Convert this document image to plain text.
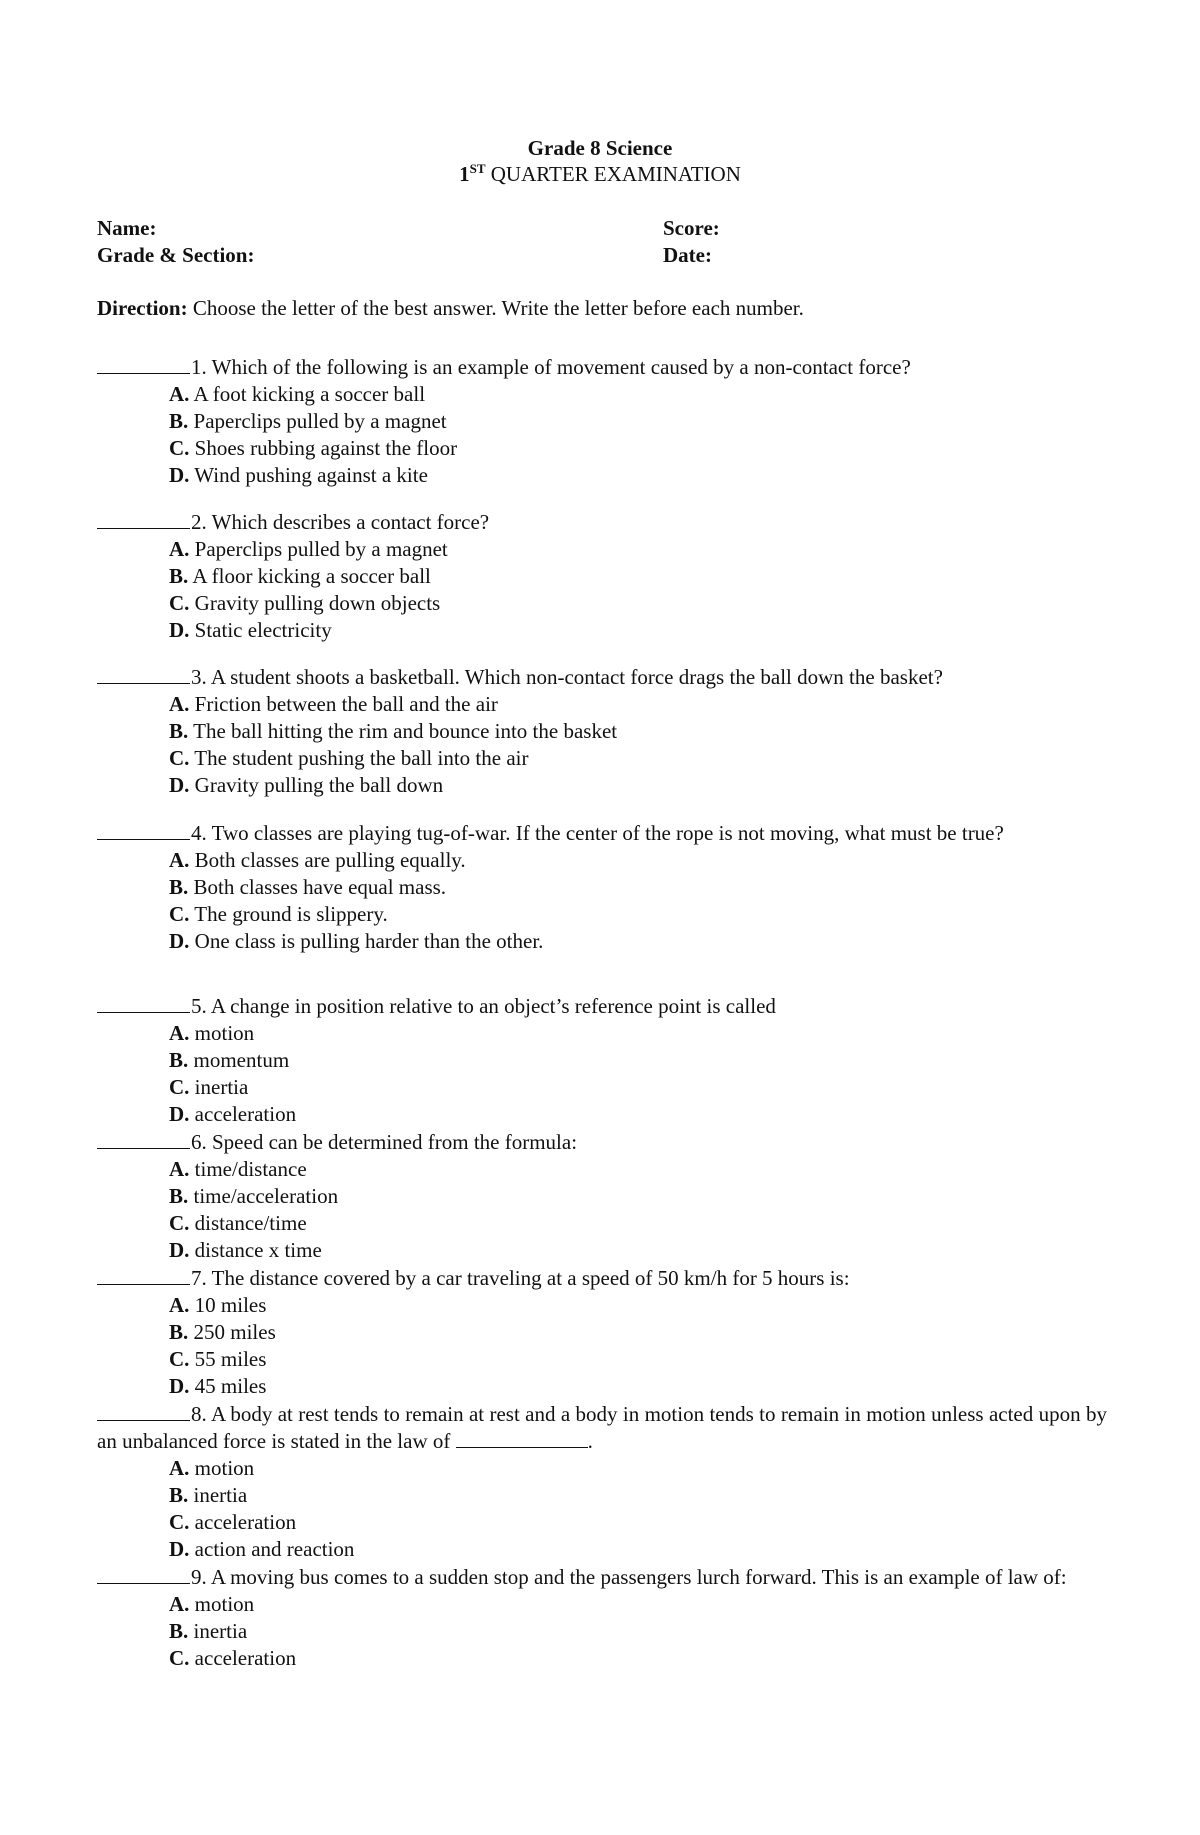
Grade 8 Science
1ST QUARTER EXAMINATION
Name:	Score:
Grade & Section:	Date:
Direction: Choose the letter of the best answer. Write the letter before each number.
1. Which of the following is an example of movement caused by a non-contact force?
A. A foot kicking a soccer ball
B. Paperclips pulled by a magnet
C. Shoes rubbing against the floor
D. Wind pushing against a kite
2. Which describes a contact force?
A. Paperclips pulled by a magnet
B. A floor kicking a soccer ball
C. Gravity pulling down objects
D. Static electricity
3. A student shoots a basketball. Which non-contact force drags the ball down the basket?
A. Friction between the ball and the air
B. The ball hitting the rim and bounce into the basket
C. The student pushing the ball into the air
D. Gravity pulling the ball down
4. Two classes are playing tug-of-war. If the center of the rope is not moving, what must be true?
A. Both classes are pulling equally.
B. Both classes have equal mass.
C. The ground is slippery.
D. One class is pulling harder than the other.
5. A change in position relative to an object’s reference point is called
A. motion
B. momentum
C. inertia
D. acceleration
6. Speed can be determined from the formula:
A. time/distance
B. time/acceleration
C. distance/time
D. distance x time
7. The distance covered by a car traveling at a speed of 50 km/h for 5 hours is:
A. 10 miles
B. 250 miles
C. 55 miles
D. 45 miles
8. A body at rest tends to remain at rest and a body in motion tends to remain in motion unless acted upon by an unbalanced force is stated in the law of	.
A. motion
B. inertia
C. acceleration
D. action and reaction
9. A moving bus comes to a sudden stop and the passengers lurch forward. This is an example of law of:
A. motion
B. inertia
C. acceleration
